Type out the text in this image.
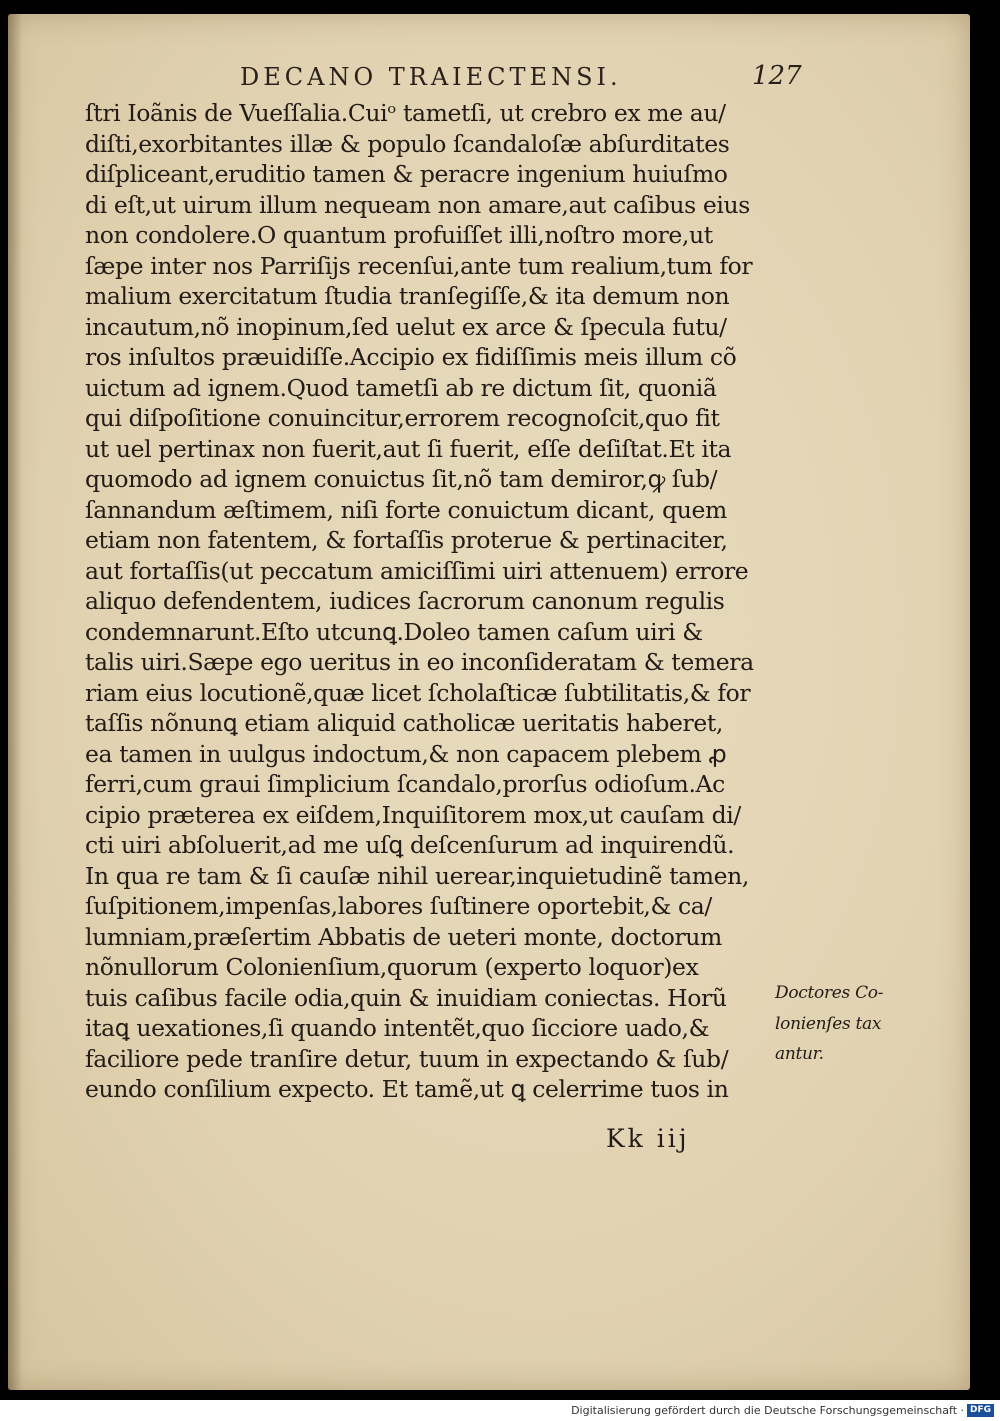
DECANO TRAIECTENSI.	127
ſtri Ioãnis de Vueſſalia.Cuiᵒ tametſi, ut crebro ex me au/
diſti,exorbitantes illæ & populo ſcandaloſæ abſurditates
diſpliceant,eruditio tamen & peracre ingenium huiuſmo
di eſt,ut uirum illum nequeam non amare,aut caſibus eius
non condolere.O quantum profuiſſet illi,noſtro more,ut
ſæpe inter nos Parriſijs recenſui,ante tum realium,tum for
malium exercitatum ſtudia tranſegiſſe,& ita demum non
incautum,nõ inopinum,ſed uelut ex arce & ſpecula futu/
ros inſultos præuidiſſe.Accipio ex fidiſſimis meis illum cõ
uictum ad ignem.Quod tametſi ab re dictum ſit, quoniã
qui diſpoſitione conuincitur,errorem recognoſcit,quo fit
ut uel pertinax non fuerit,aut ſi fuerit, eſſe deſiſtat.Et ita
quomodo ad ignem conuictus ſit,nõ tam demiror,ꝙ ſub/
ſannandum æſtimem, niſi forte conuictum dicant, quem
etiam non fatentem, & fortaſſis proterue & pertinaciter,
aut fortaſſis(ut peccatum amiciſſimi uiri attenuem) errore
aliquo defendentem, iudices ſacrorum canonum regulis
condemnarunt.Eſto utcunꝗ.Doleo tamen caſum uiri &
talis uiri.Sæpe ego ueritus in eo inconſideratam & temera
riam eius locutionẽ,quæ licet ſcholaſticæ ſubtilitatis,& for
taſſis nõnunꝗ etiam aliquid catholicæ ueritatis haberet,
ea tamen in uulgus indoctum,& non capacem plebem ꝓ
ferri,cum graui ſimplicium ſcandalo,prorſus odioſum.Ac
cipio præterea ex eiſdem,Inquiſitorem mox,ut cauſam di/
cti uiri abſoluerit,ad me uſꝗ deſcenſurum ad inquirendũ.
In qua re tam & ſi cauſæ nihil uerear,inquietudinẽ tamen,
ſuſpitionem,impenſas,labores ſuſtinere oportebit,& ca/
lumniam,præſertim Abbatis de ueteri monte, doctorum
nõnullorum Colonienſium,quorum (experto loquor)ex
tuis caſibus facile odia,quin & inuidiam coniectas. Horũ
itaꝗ uexationes,ſi quando intentẽt,quo ſicciore uado,&
faciliore pede tranſire detur, tuum in expectando & ſub/
eundo conſilium expecto. Et tamẽ,ut ꝗ celerrime tuos in
Doctores Co-
lonienſes tax
antur.
Kk iij
Digitalisierung gefördert durch die Deutsche Forschungsgemeinschaft · DFG
